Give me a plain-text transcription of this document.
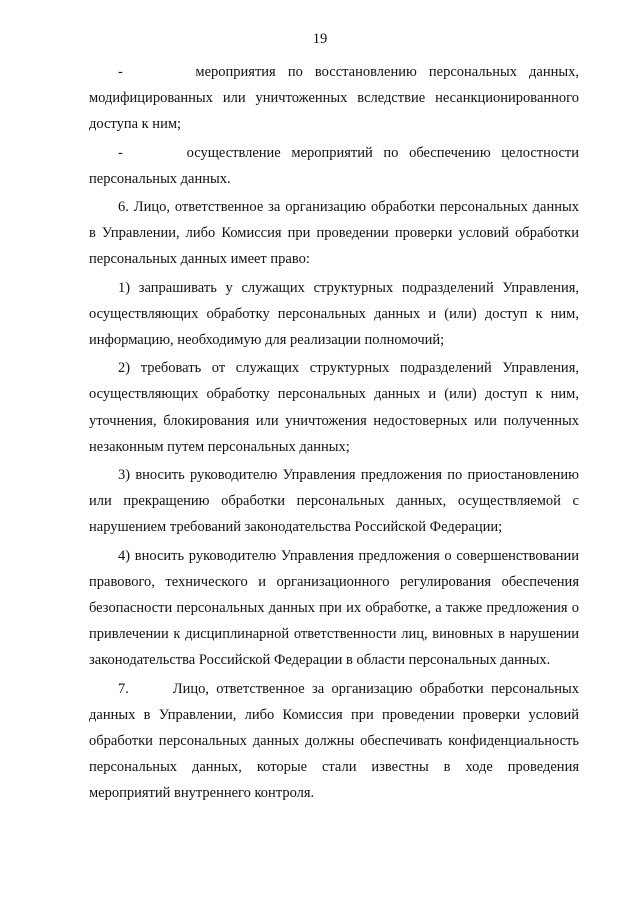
19

-      мероприятия по восстановлению персональных данных, модифицированных или уничтоженных вследствие несанкционированного доступа к ним;

-      осуществление мероприятий по обеспечению целостности персональных данных.

6. Лицо, ответственное за организацию обработки персональных данных в Управлении, либо Комиссия при проведении проверки условий обработки персональных данных имеет право:

1) запрашивать у служащих структурных подразделений Управления, осуществляющих обработку персональных данных и (или) доступ к ним, информацию, необходимую для реализации полномочий;

2) требовать от служащих структурных подразделений Управления, осуществляющих обработку персональных данных и (или) доступ к ним, уточнения, блокирования или уничтожения недостоверных или полученных незаконным путем персональных данных;

3) вносить руководителю Управления предложения по приостановлению или прекращению обработки персональных данных, осуществляемой с нарушением требований законодательства Российской Федерации;

4) вносить руководителю Управления предложения о совершенствовании правового, технического и организационного регулирования обеспечения безопасности персональных данных при их обработке, а также предложения о привлечении к дисциплинарной ответственности лиц, виновных в нарушении законодательства Российской Федерации в области персональных данных.

7.      Лицо, ответственное за организацию обработки персональных данных в Управлении, либо Комиссия при проведении проверки условий обработки персональных данных должны обеспечивать конфиденциальность персональных данных, которые стали известны в ходе проведения мероприятий внутреннего контроля.
